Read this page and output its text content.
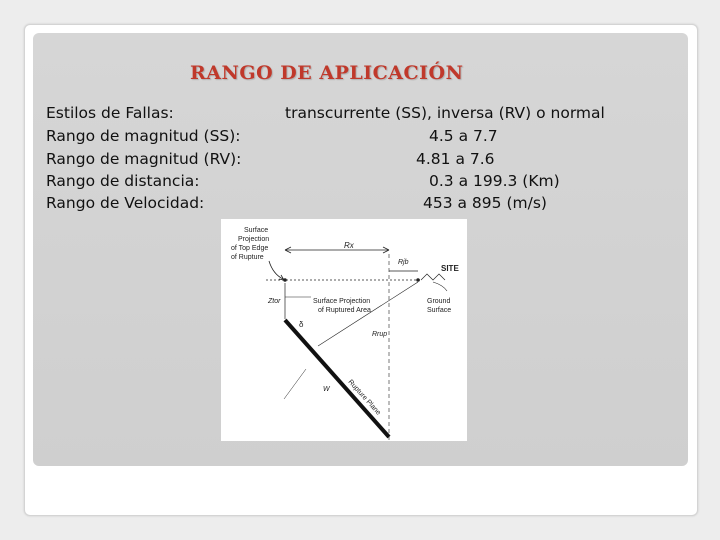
RANGO DE APLICACIÓN
Estilos de Fallas:	transcurrente (SS), inversa (RV) o normal
Rango de magnitud (SS):	4.5 a 7.7
Rango de magnitud (RV):	4.81 a 7.6
Rango de distancia:	0.3 a 199.3 (Km)
Rango de Velocidad:	453 a 895 (m/s)
Surface
Projection
of Top Edge
of Rupture
Rx
Rjb
SITE
Ztor	Surface Projection
of Ruptured Area
Ground
Surface
δ
Rrup
W Rupture Plane
